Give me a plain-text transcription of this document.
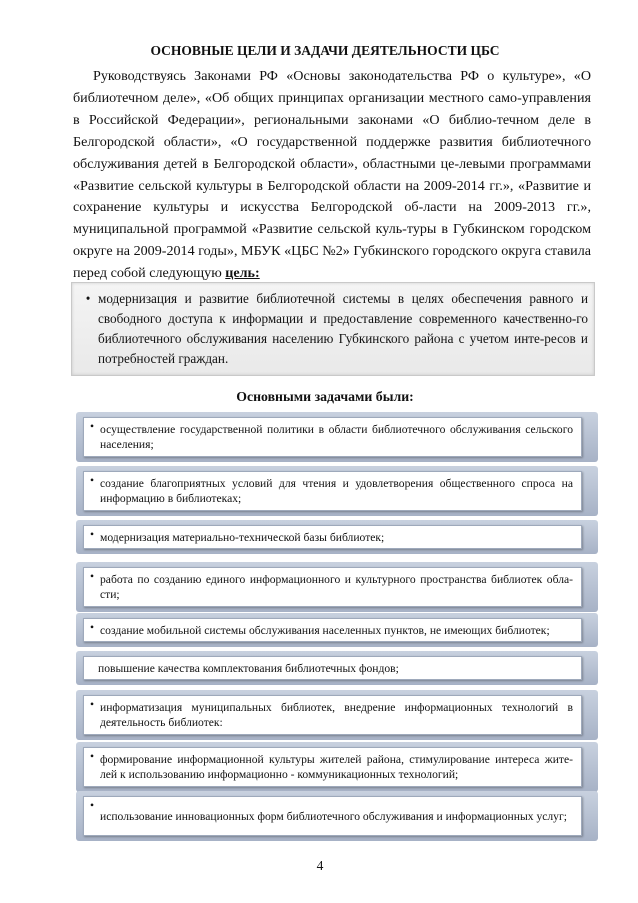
ОСНОВНЫЕ ЦЕЛИ И ЗАДАЧИ ДЕЯТЕЛЬНОСТИ ЦБС
Руководствуясь Законами РФ «Основы законодательства РФ о культуре», «О библиотечном деле», «Об общих принципах организации местного само-управления в Российской Федерации», региональными законами «О библио-течном деле в Белгородской области», «О государственной поддержке развития библиотечного обслуживания детей в Белгородской области», областными це-левыми программами «Развитие сельской культуры в Белгородской области на 2009-2014 гг.», «Развитие и сохранение культуры и искусства Белгородской об-ласти на 2009-2013 гг.», муниципальной программой «Развитие сельской куль-туры в Губкинском городском округе на 2009-2014 годы», МБУК «ЦБС №2» Губкинского городского округа ставила перед собой следующую цель:
• модернизация и развитие библиотечной системы в целях обеспечения равного и свободного доступа к информации и предоставление современного качественно-го библиотечного обслуживания населению Губкинского района с учетом инте-ресов и потребностей граждан.
Основными задачами были:
• осуществление государственной политики в области библиотечного обслуживания сельского населения;
• создание благоприятных условий для чтения и удовлетворения общественного спроса на информацию в библиотеках;
• модернизация материально-технической базы библиотек;
• работа по созданию единого информационного и культурного пространства библиотек обла-сти;
• создание мобильной системы обслуживания населенных пунктов, не имеющих библиотек;
повышение качества комплектования библиотечных фондов;
• информатизация муниципальных библиотек, внедрение информационных технологий в деятельность библиотек:
• формирование информационной культуры жителей района, стимулирование интереса жите-лей к использованию информационно - коммуникационных технологий;
•
использование инновационных форм библиотечного обслуживания и информационных услуг;
4
